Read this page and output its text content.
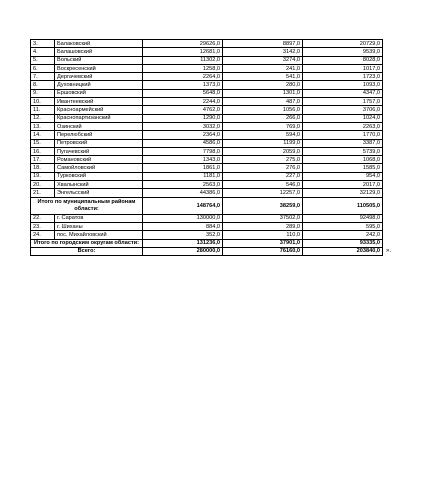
3.	Балаковский	29626,0	8897,0	20729,0
4.	Балашовский	12681,0	3142,0	9539,0
5.	Вольский	11302,0	3274,0	8028,0
6.	Воскресенский	1258,0	241,0	1017,0
7.	Дергачевский	2264,0	541,0	1723,0
8.	Духовницкий	1373,0	280,0	1093,0
9.	Ершовский	5648,0	1301,0	4347,0
10.	Ивантеевский	2244,0	487,0	1757,0
11.	Красноармейский	4762,0	1056,0	3706,0
12.	Краснопартизанский	1290,0	266,0	1024,0
13.	Озинский	3032,0	769,0	2263,0
14.	Перелюбский	2364,0	594,0	1770,0
15.	Петровский	4586,0	1199,0	3387,0
16.	Пугачевский	7798,0	2059,0	5739,0
17.	Романовский	1343,0	275,0	1068,0
18.	Самойловский	1861,0	276,0	1585,0
19.	Турковский	1181,0	227,0	954,0
20.	Хвалынский	2563,0	546,0	2017,0
21.	Энгельсский	44386,0	12257,0	32129,0
Итого по муниципальным районам области:		148764,0	38259,0	110505,0
22.	г. Саратов	130000,0	37502,0	92498,0
23.	г. Шиханы	884,0	289,0	595,0
24.	пос. Михайловский	352,0	110,0	242,0
Итого по городским округам области:		131236,0	37901,0	93335,0
Всего:		280000,0	76160,0	203840,0 ».
